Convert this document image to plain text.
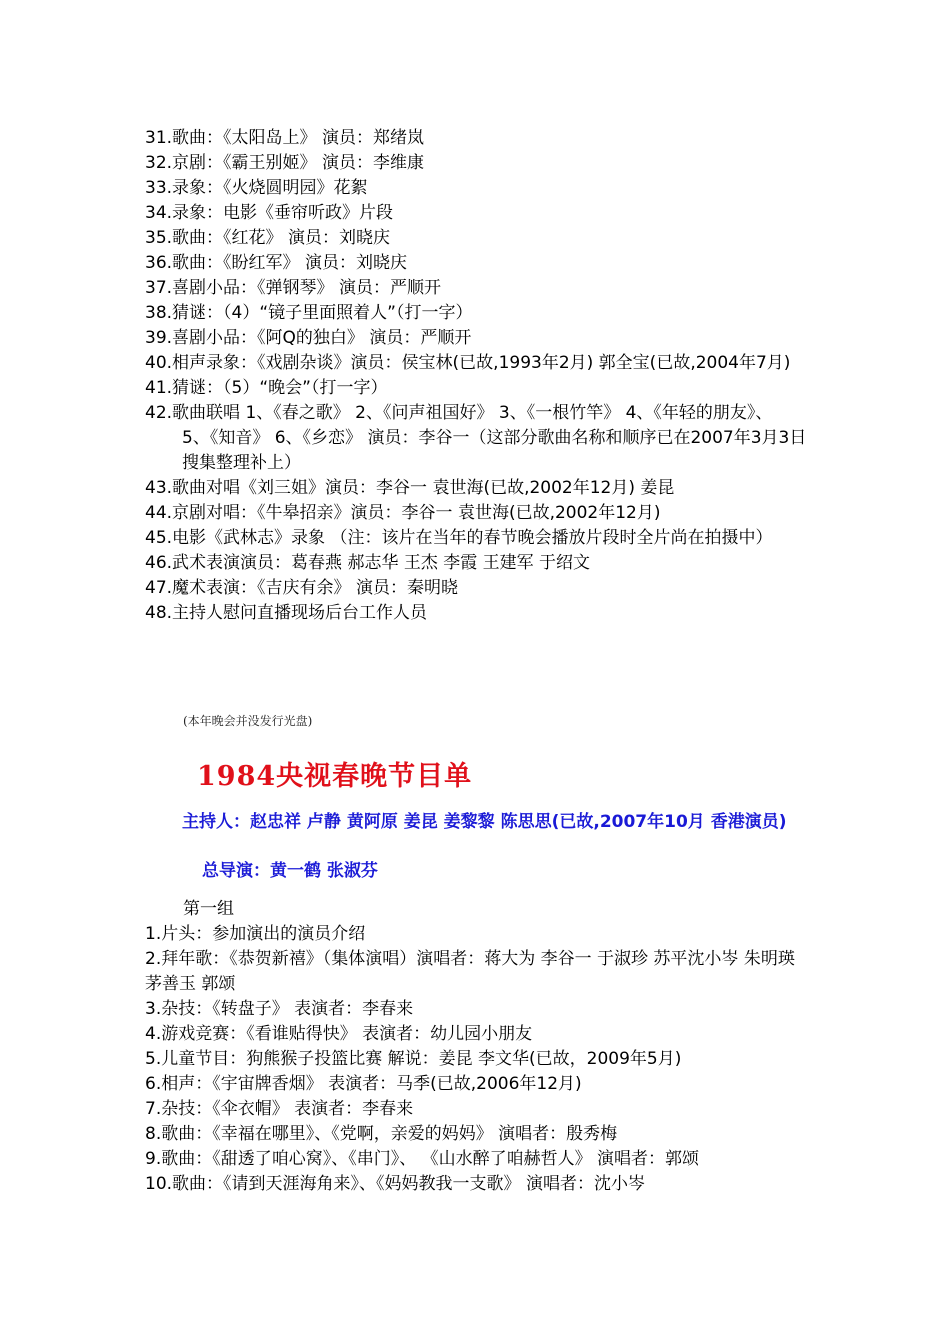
31.歌曲：《太阳岛上》 演员：郑绪岚
32.京剧：《霸王别姬》 演员：李维康
33.录象：《火烧圆明园》花絮
34.录象：电影《垂帘听政》片段
35.歌曲：《红花》 演员：刘晓庆
36.歌曲：《盼红军》 演员：刘晓庆
37.喜剧小品：《弹钢琴》 演员：严顺开
38.猜谜：（4）“镜子里面照着人”（打一字）
39.喜剧小品：《阿Q的独白》 演员：严顺开
40.相声录象：《戏剧杂谈》演员：侯宝林(已故,1993年2月) 郭全宝(已故,2004年7月)
41.猜谜：（5）“晚会”（打一字）
42.歌曲联唱 1、《春之歌》 2、《问声祖国好》 3、《一根竹竿》 4、《年轻的朋友》、
5、《知音》 6、《乡恋》 演员：李谷一（这部分歌曲名称和顺序已在2007年3月3日搜集整理补上）
43.歌曲对唱《刘三姐》演员：李谷一 袁世海(已故,2002年12月) 姜昆
44.京剧对唱：《牛皋招亲》演员：李谷一 袁世海(已故,2002年12月)
45.电影《武林志》录象 （注：该片在当年的春节晚会播放片段时全片尚在拍摄中）
46.武术表演演员：葛春燕 郝志华 王杰 李霞 王建军 于绍文
47.魔术表演：《吉庆有余》 演员：秦明晓
48.主持人慰问直播现场后台工作人员
(本年晚会并没发行光盘)
1984央视春晚节目单
主持人：赵忠祥 卢静 黄阿原 姜昆 姜黎黎 陈思思(已故,2007年10月 香港演员)
总导演：黄一鹤 张淑芬
第一组
1.片头：参加演出的演员介绍
2.拜年歌：《恭贺新禧》（集体演唱）演唱者：蒋大为 李谷一 于淑珍 苏平沈小岑 朱明瑛 茅善玉 郭颂
3.杂技：《转盘子》 表演者：李春来
4.游戏竞赛：《看谁贴得快》 表演者：幼儿园小朋友
5.儿童节目：狗熊猴子投篮比赛 解说：姜昆 李文华(已故，2009年5月)
6.相声：《宇宙牌香烟》 表演者：马季(已故,2006年12月)
7.杂技：《伞衣帽》 表演者：李春来
8.歌曲：《幸福在哪里》、《党啊，亲爱的妈妈》 演唱者：殷秀梅
9.歌曲：《甜透了咱心窝》、《串门》、 《山水醉了咱赫哲人》 演唱者：郭颂
10.歌曲：《请到天涯海角来》、《妈妈教我一支歌》 演唱者：沈小岑
